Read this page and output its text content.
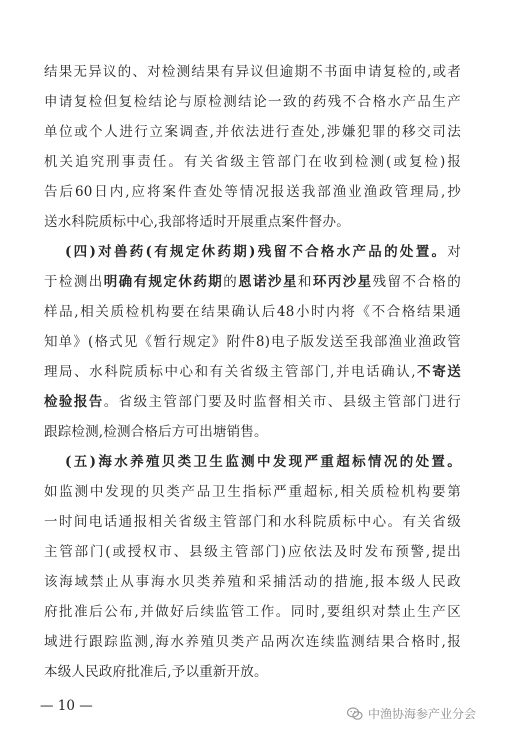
结果无异议的、对检测结果有异议但逾期不书面申请复检的,或者
申请复检但复检结论与原检测结论一致的药残不合格水产品生产
单位或个人进行立案调查,并依法进行查处,涉嫌犯罪的移交司法
机关追究刑事责任。有关省级主管部门在收到检测(或复检)报
告后60日内,应将案件查处等情况报送我部渔业渔政管理局,抄
送水科院质标中心,我部将适时开展重点案件督办。
(四)对兽药(有规定休药期)残留不合格水产品的处置。对
于检测出明确有规定休药期的恩诺沙星和环丙沙星残留不合格的
样品,相关质检机构要在结果确认后48小时内将《不合格结果通
知单》(格式见《暂行规定》附件8)电子版发送至我部渔业渔政管
理局、水科院质标中心和有关省级主管部门,并电话确认,不寄送
检验报告。省级主管部门要及时监督相关市、县级主管部门进行
跟踪检测,检测合格后方可出塘销售。
(五)海水养殖贝类卫生监测中发现严重超标情况的处置。
如监测中发现的贝类产品卫生指标严重超标,相关质检机构要第
一时间电话通报相关省级主管部门和水科院质标中心。有关省级
主管部门(或授权市、县级主管部门)应依法及时发布预警,提出
该海域禁止从事海水贝类养殖和采捕活动的措施,报本级人民政
府批准后公布,并做好后续监管工作。同时,要组织对禁止生产区
域进行跟踪监测,海水养殖贝类产品两次连续监测结果合格时,报
本级人民政府批准后,予以重新开放。
— 10 —	中渔协海参产业分会
